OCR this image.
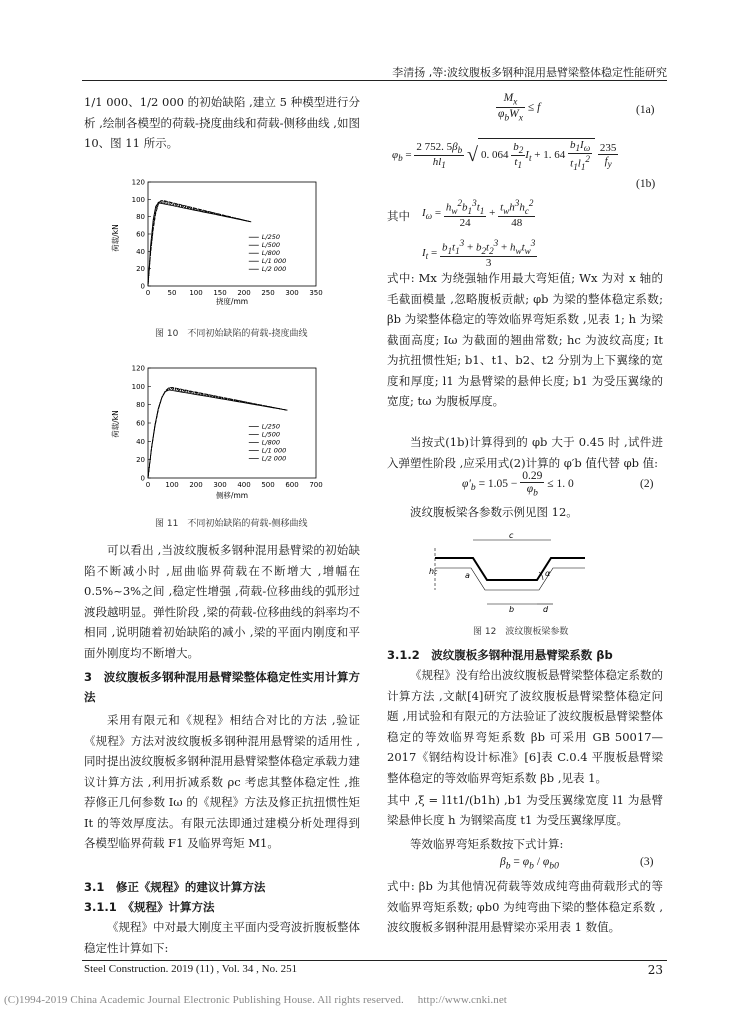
李清扬 ,等:波纹腹板多钢种混用悬臂梁整体稳定性能研究
1/1 000、1/2 000 的初始缺陷 ,建立 5 种模型进行分析 ,绘制各模型的荷载-挠度曲线和荷载-侧移曲线 ,如图 10、图 11 所示。
0
20
40
60
80
100
120
0 50 100 150 200 250 300 350
荷载/kN
挠度/mm
L/250
L/500
L/800
L/1 000
L/2 000
图 10　不同初始缺陷的荷载-挠度曲线
0
20
40
60
80
100
120
0 100 200 300 400 500 600 700
荷载/kN
侧移/mm
L/250
L/500
L/800
L/1 000
L/2 000
图 11　不同初始缺陷的荷载-侧移曲线
可以看出 ,当波纹腹板多钢种混用悬臂梁的初始缺陷不断减小时 ,屈曲临界荷载在不断增大 ,增幅在 0.5%~3%之间 ,稳定性增强 ,荷载-位移曲线的弧形过渡段越明显。弹性阶段 ,梁的荷载-位移曲线的斜率均不相同 ,说明随着初始缺陷的减小 ,梁的平面内刚度和平面外刚度均不断增大。
3　波纹腹板多钢种混用悬臂梁整体稳定性实用计算方法
采用有限元和《规程》相结合对比的方法 ,验证《规程》方法对波纹腹板多钢种混用悬臂梁的适用性 ,同时提出波纹腹板多钢种混用悬臂梁整体稳定承载力建议计算方法 ,利用折减系数 ρc 考虑其整体稳定性 ,推荐修正几何参数 Iω 的《规程》方法及修正抗扭惯性矩 It 的等效厚度法。有限元法即通过建模分析处理得到各模型临界荷载 F1 及临界弯矩 M1。
3.1　修正《规程》的建议计算方法
3.1.1　《规程》计算方法
《规程》中对最大刚度主平面内受弯波折腹板整体稳定性计算如下:
$\frac{M_x}{\varphi_bW_x} \le f$	(1a)
$\varphi_b = \frac{2 752. 5\beta_b}{hl_1}$ √ 0. $064 \frac{b_2}{t_1} I_t + 1$. $64 \frac{b_1I_\omega}{t_1l_1^2}$
$\frac{235}{f_y}$
(1b)
其中 $I_\omega = \frac{h_w^2b_1^3t_1}{24} + \frac{t_wh^3h_c^2}{48}$
$I_t = \frac{b_1t_1^3 + b_2t_2^3 + h_wt_w^3}{3}$
式中: Mx 为绕强轴作用最大弯矩值; Wx 为对 x 轴的毛截面模量 ,忽略腹板贡献; φb 为梁的整体稳定系数; βb 为梁整体稳定的等效临界弯矩系数 ,见表 1; h 为梁截面高度; Iω 为截面的翘曲常数; hc 为波纹高度; It 为抗扭惯性矩; b1、t1、b2、t2 分别为上下翼缘的宽度和厚度; l1 为悬臂梁的悬伸长度; b1 为受压翼缘的宽度; tω 为腹板厚度。
当按式(1b)计算得到的 φb 大于 0.45 时 ,试件进入弹塑性阶段 ,应采用式(2)计算的 φ′b 值代替 φb 值:
$\varphi'_b = 1.05 - \frac{0.29}{\varphi_b} \le 1$. 0	(2)
波纹腹板梁各参数示例见图 12。
c
hc	a
b	d
α
图 12　波纹腹板梁参数
3.1.2　波纹腹板多钢种混用悬臂梁系数 βb
《规程》没有给出波纹腹板悬臂梁整体稳定系数的计算方法 ,文献[4]研究了波纹腹板悬臂梁整体稳定问题 ,用试验和有限元的方法验证了波纹腹板悬臂梁整体稳定的等效临界弯矩系数 βb 可采用 GB 50017—2017《钢结构设计标准》[6]表 C.0.4 平腹板悬臂梁整体稳定的等效临界弯矩系数 βb ,见表 1。
其中 ,ξ = l1t1/(b1h) ,b1 为受压翼缘宽度 l1 为悬臂梁悬伸长度 h 为钢梁高度 t1 为受压翼缘厚度。
等效临界弯矩系数按下式计算:
$\beta_b = \varphi_b / \varphi_{b0}$	(3)
式中: βb 为其他情况荷载等效成纯弯曲荷载形式的等效临界弯矩系数; φb0 为纯弯曲下梁的整体稳定系数 ,波纹腹板多钢种混用悬臂梁亦采用表 1 数值。
Steel Construction. 2019 (11) , Vol. 34 , No. 251	23
(C)1994-2019 China Academic Journal Electronic Publishing House. All rights reserved.　 http://www.cnki.net
